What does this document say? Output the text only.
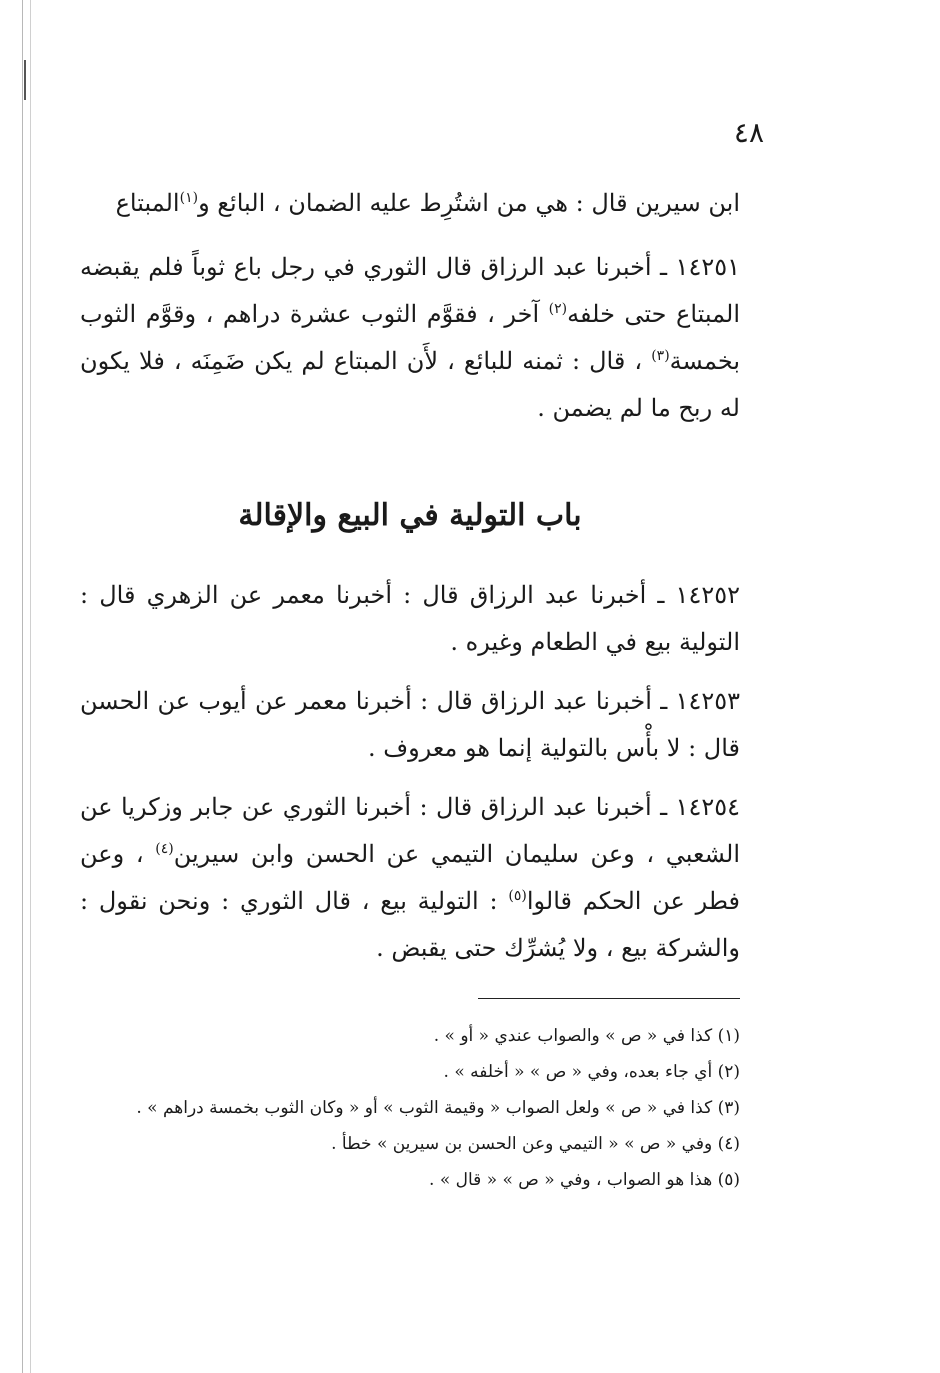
٤٨
ابن سيرين قال : هي من اشتُرِط عليه الضمان ، البائع و$^{(١)}$المبتاع
١٤٢٥١ ـ أخبرنا عبد الرزاق قال الثوري في رجل باع ثوباً فلم يقبضه المبتاع حتى خلفه$^{(٢)}$ آخر ، فقوَّم الثوب عشرة دراهم ، وقوَّم الثوب بخمسة$^{(٣)}$ ، قال : ثمنه للبائع ، لأَن المبتاع لم يكن ضَمِنَه ، فلا يكون له ربح ما لم يضمن .
باب التولية في البيع والإقالة
١٤٢٥٢ ـ أخبرنا عبد الرزاق قال : أخبرنا معمر عن الزهري قال : التولية بيع في الطعام وغيره .
١٤٢٥٣ ـ أخبرنا عبد الرزاق قال : أخبرنا معمر عن أيوب عن الحسن قال : لا بأْس بالتولية إنما هو معروف .
١٤٢٥٤ ـ أخبرنا عبد الرزاق قال : أخبرنا الثوري عن جابر وزكريا عن الشعبي ، وعن سليمان التيمي عن الحسن وابن سيرين$^{(٤)}$ ، وعن فطر عن الحكم قالوا$^{(٥)}$ : التولية بيع ، قال الثوري : ونحن نقول : والشركة بيع ، ولا يُشرِّك حتى يقبض .
(١) كذا في « ص » والصواب عندي « أو » .
(٢) أي جاء بعده، وفي « ص » « أخلفه » .
(٣) كذا في « ص » ولعل الصواب « وقيمة الثوب » أو « وكان الثوب بخمسة دراهم » .
(٤) وفي « ص » « التيمي وعن الحسن بن سيرين » خطأ .
(٥) هذا هو الصواب ، وفي « ص » « قال » .
